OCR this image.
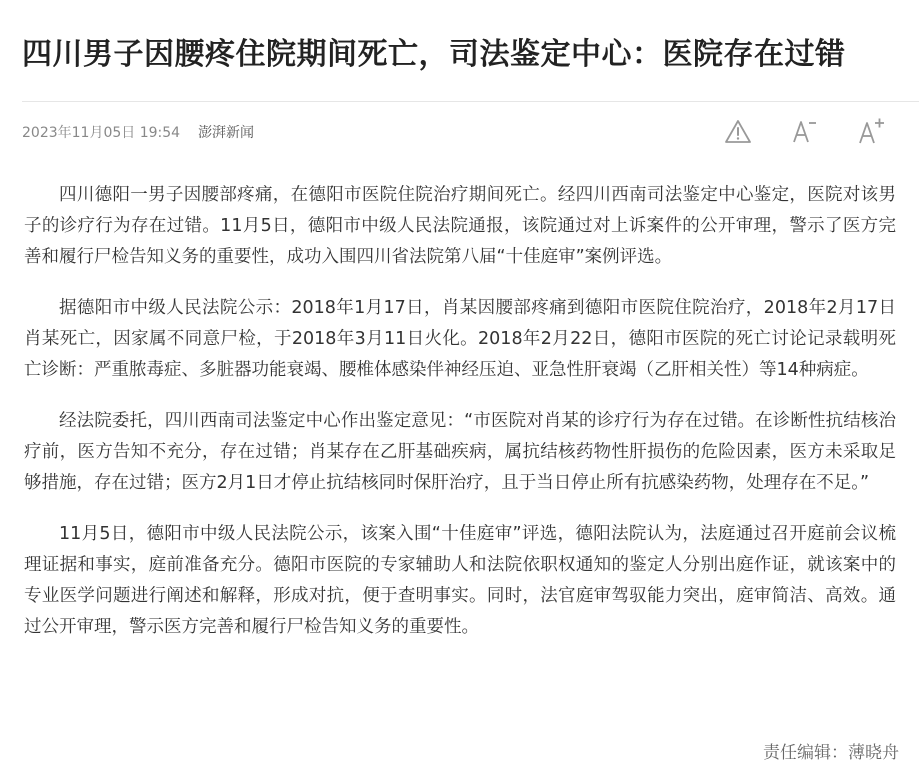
四川男子因腰疼住院期间死亡，司法鉴定中心：医院存在过错
2023年11月05日 19:54 澎湃新闻

四川德阳一男子因腰部疼痛，在德阳市医院住院治疗期间死亡。经四川西南司法鉴定中心鉴定，医院对该男子的诊疗行为存在过错。11月5日，德阳市中级人民法院通报，该院通过对上诉案件的公开审理，警示了医方完善和履行尸检告知义务的重要性，成功入围四川省法院第八届“十佳庭审”案例评选。

据德阳市中级人民法院公示：2018年1月17日，肖某因腰部疼痛到德阳市医院住院治疗，2018年2月17日肖某死亡，因家属不同意尸检，于2018年3月11日火化。2018年2月22日，德阳市医院的死亡讨论记录载明死亡诊断：严重脓毒症、多脏器功能衰竭、腰椎体感染伴神经压迫、亚急性肝衰竭（乙肝相关性）等14种病症。

经法院委托，四川西南司法鉴定中心作出鉴定意见：“市医院对肖某的诊疗行为存在过错。在诊断性抗结核治疗前，医方告知不充分，存在过错；肖某存在乙肝基础疾病，属抗结核药物性肝损伤的危险因素，医方未采取足够措施，存在过错；医方2月1日才停止抗结核同时保肝治疗，且于当日停止所有抗感染药物，处理存在不足。”

11月5日，德阳市中级人民法院公示，该案入围“十佳庭审”评选，德阳法院认为，法庭通过召开庭前会议梳理证据和事实，庭前准备充分。德阳市医院的专家辅助人和法院依职权通知的鉴定人分别出庭作证，就该案中的专业医学问题进行阐述和解释，形成对抗，便于查明事实。同时，法官庭审驾驭能力突出，庭审简洁、高效。通过公开审理，警示医方完善和履行尸检告知义务的重要性。

责任编辑：薄晓舟
